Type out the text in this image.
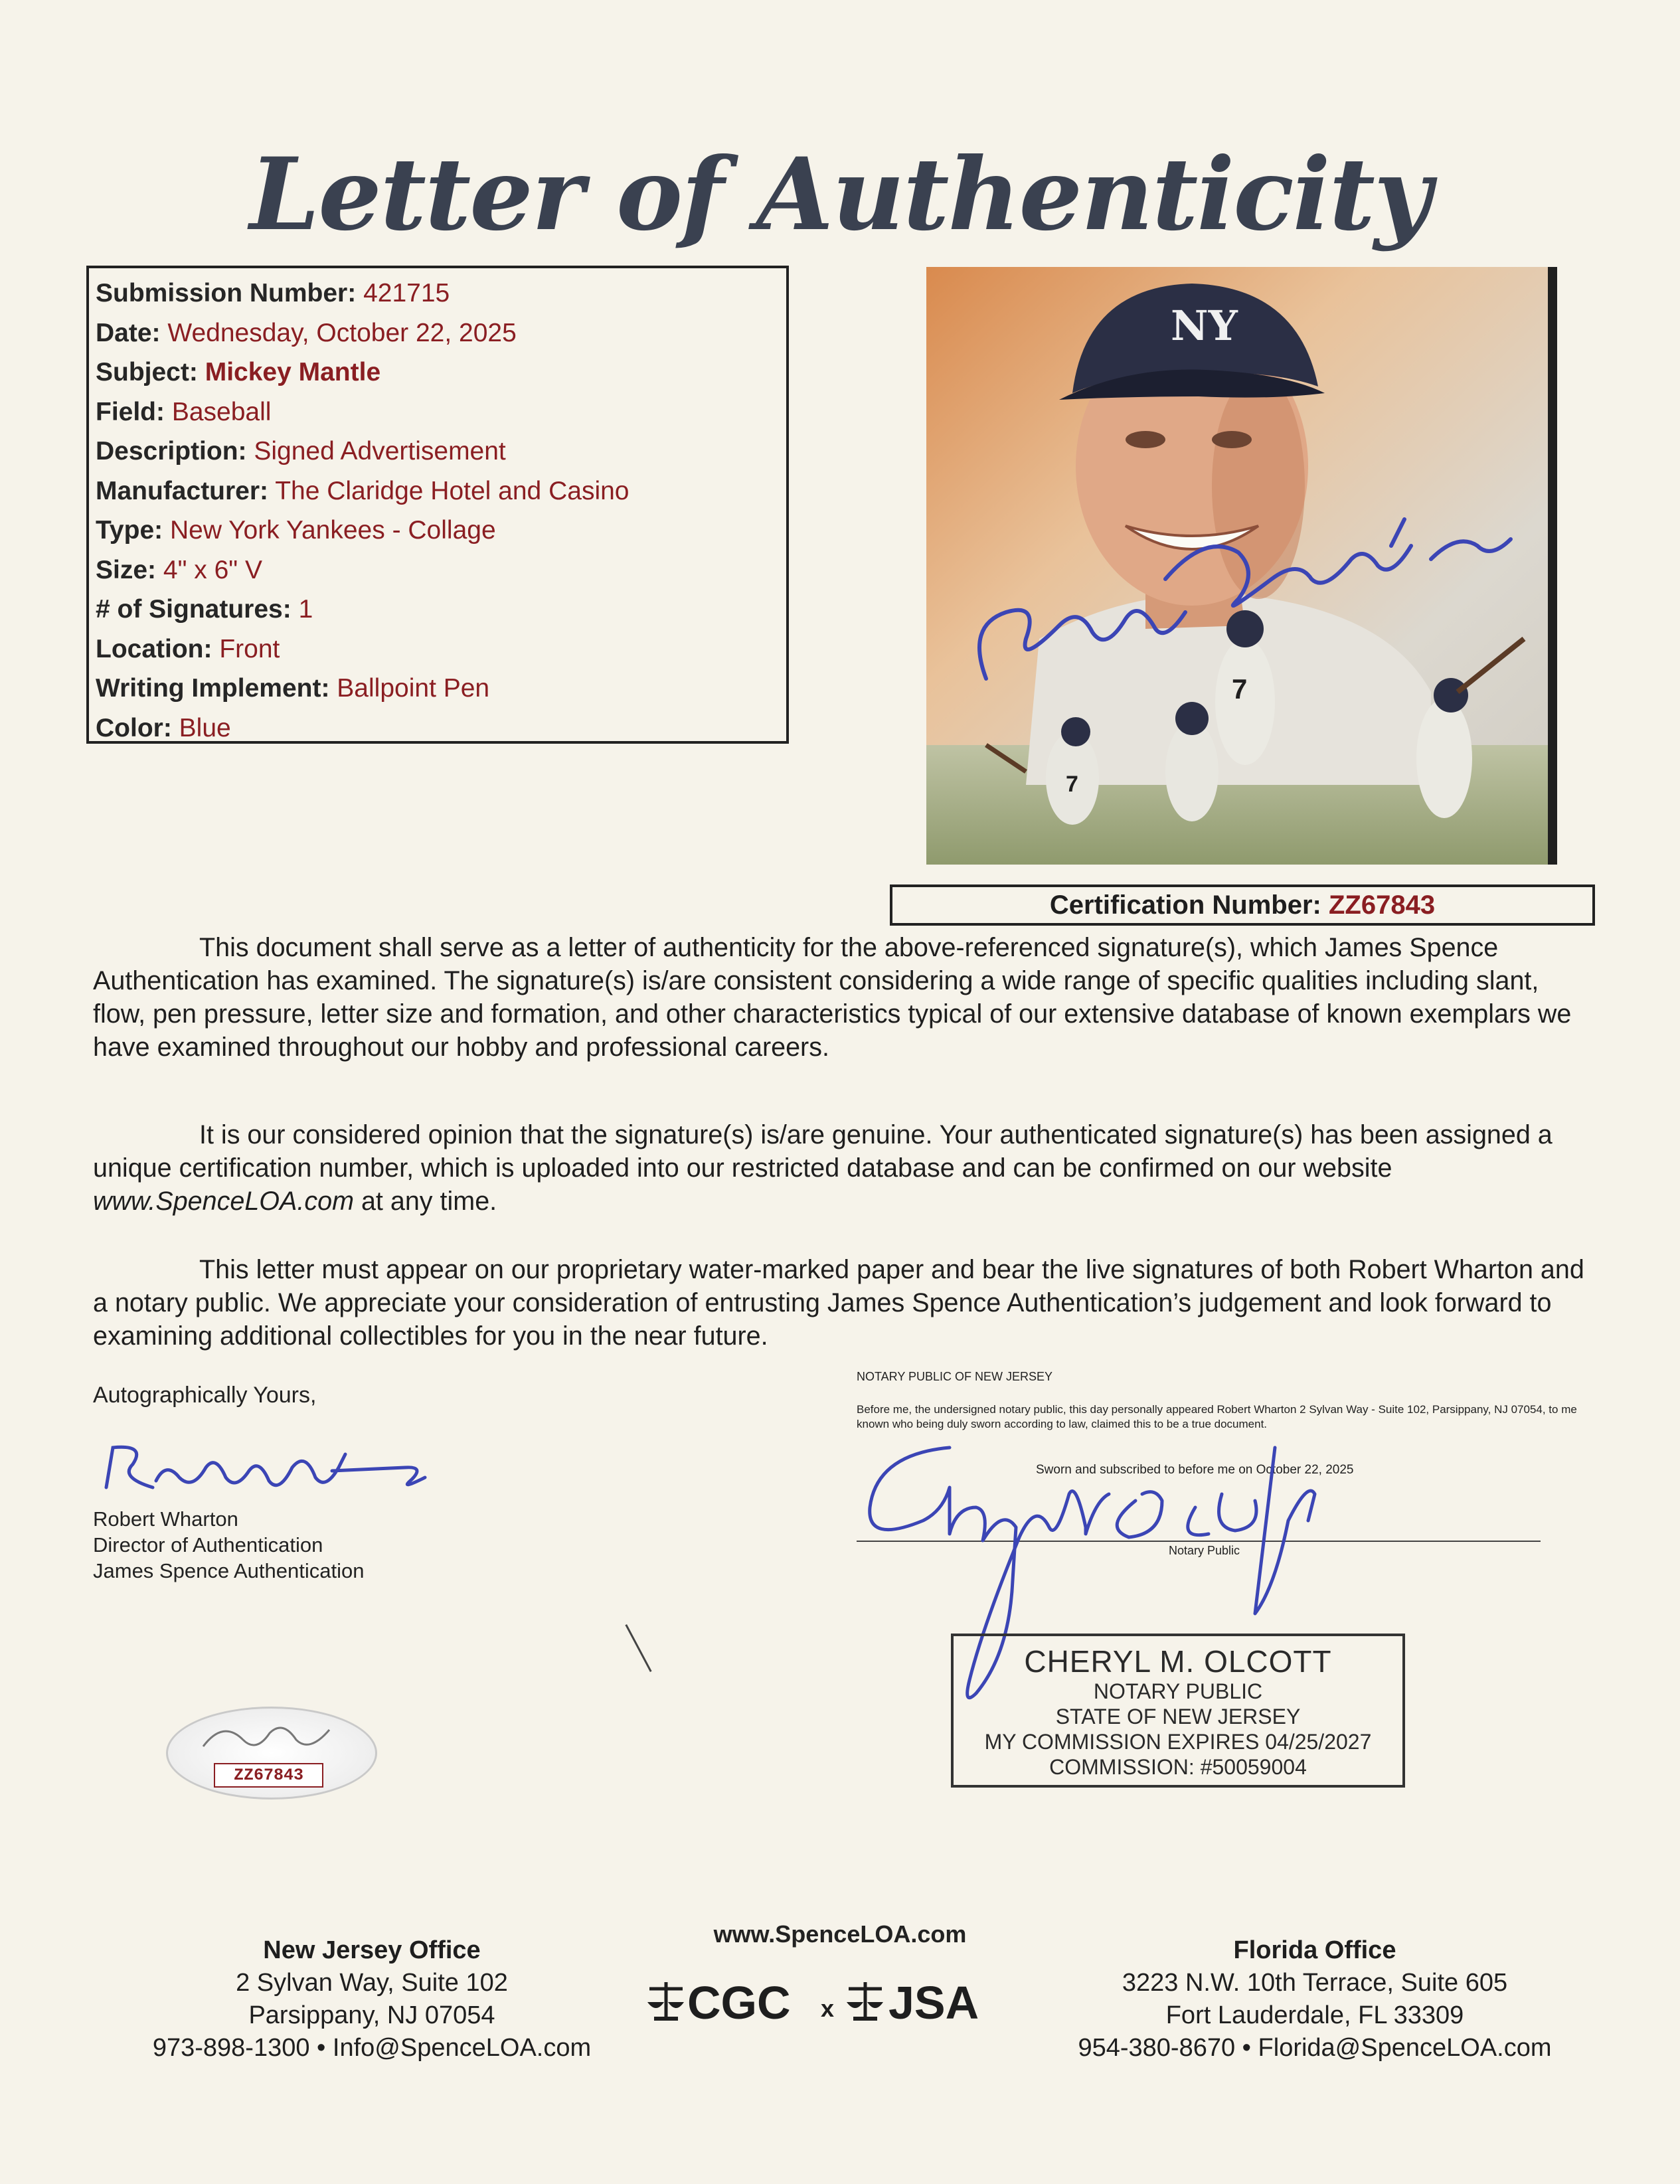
Letter of Authenticity
Submission Number: 421715
Date: Wednesday, October 22, 2025
Subject: Mickey Mantle
Field: Baseball
Description: Signed Advertisement
Manufacturer: The Claridge Hotel and Casino
Type: New York Yankees - Collage
Size: 4" x 6" V
# of Signatures: 1
Location: Front
Writing Implement: Ballpoint Pen
Color: Blue
NY
7
7
Certification Number: ZZ67843
This document shall serve as a letter of authenticity for the above-referenced signature(s), which James Spence Authentication has examined. The signature(s) is/are consistent considering a wide range of specific qualities including slant, flow, pen pressure, letter size and formation, and other characteristics typical of our extensive database of known exemplars we have examined throughout our hobby and professional careers.
It is our considered opinion that the signature(s) is/are genuine. Your authenticated signature(s) has been assigned a unique certification number, which is uploaded into our restricted database and can be confirmed on our website www.SpenceLOA.com at any time.
This letter must appear on our proprietary water-marked paper and bear the live signatures of both Robert Wharton and a notary public. We appreciate your consideration of entrusting James Spence Authentication’s judgement and look forward to examining additional collectibles for you in the near future.
Autographically Yours,
Robert Wharton
Director of Authentication
James Spence Authentication
NOTARY PUBLIC OF NEW JERSEY
Before me, the undersigned notary public, this day personally appeared Robert Wharton 2 Sylvan Way - Suite 102, Parsippany, NJ 07054, to me known who being duly sworn according to law, claimed this to be a true document.
Sworn and subscribed to before me on October 22, 2025
Notary Public
CHERYL M. OLCOTT
NOTARY PUBLIC
STATE OF NEW JERSEY
MY COMMISSION EXPIRES 04/25/2027
COMMISSION: #50059004
ZZ67843
www.SpenceLOA.com
CGC x JSA
New Jersey Office
2 Sylvan Way, Suite 102
Parsippany, NJ 07054
973-898-1300 • Info@SpenceLOA.com
Florida Office
3223 N.W. 10th Terrace, Suite 605
Fort Lauderdale, FL 33309
954-380-8670 • Florida@SpenceLOA.com
